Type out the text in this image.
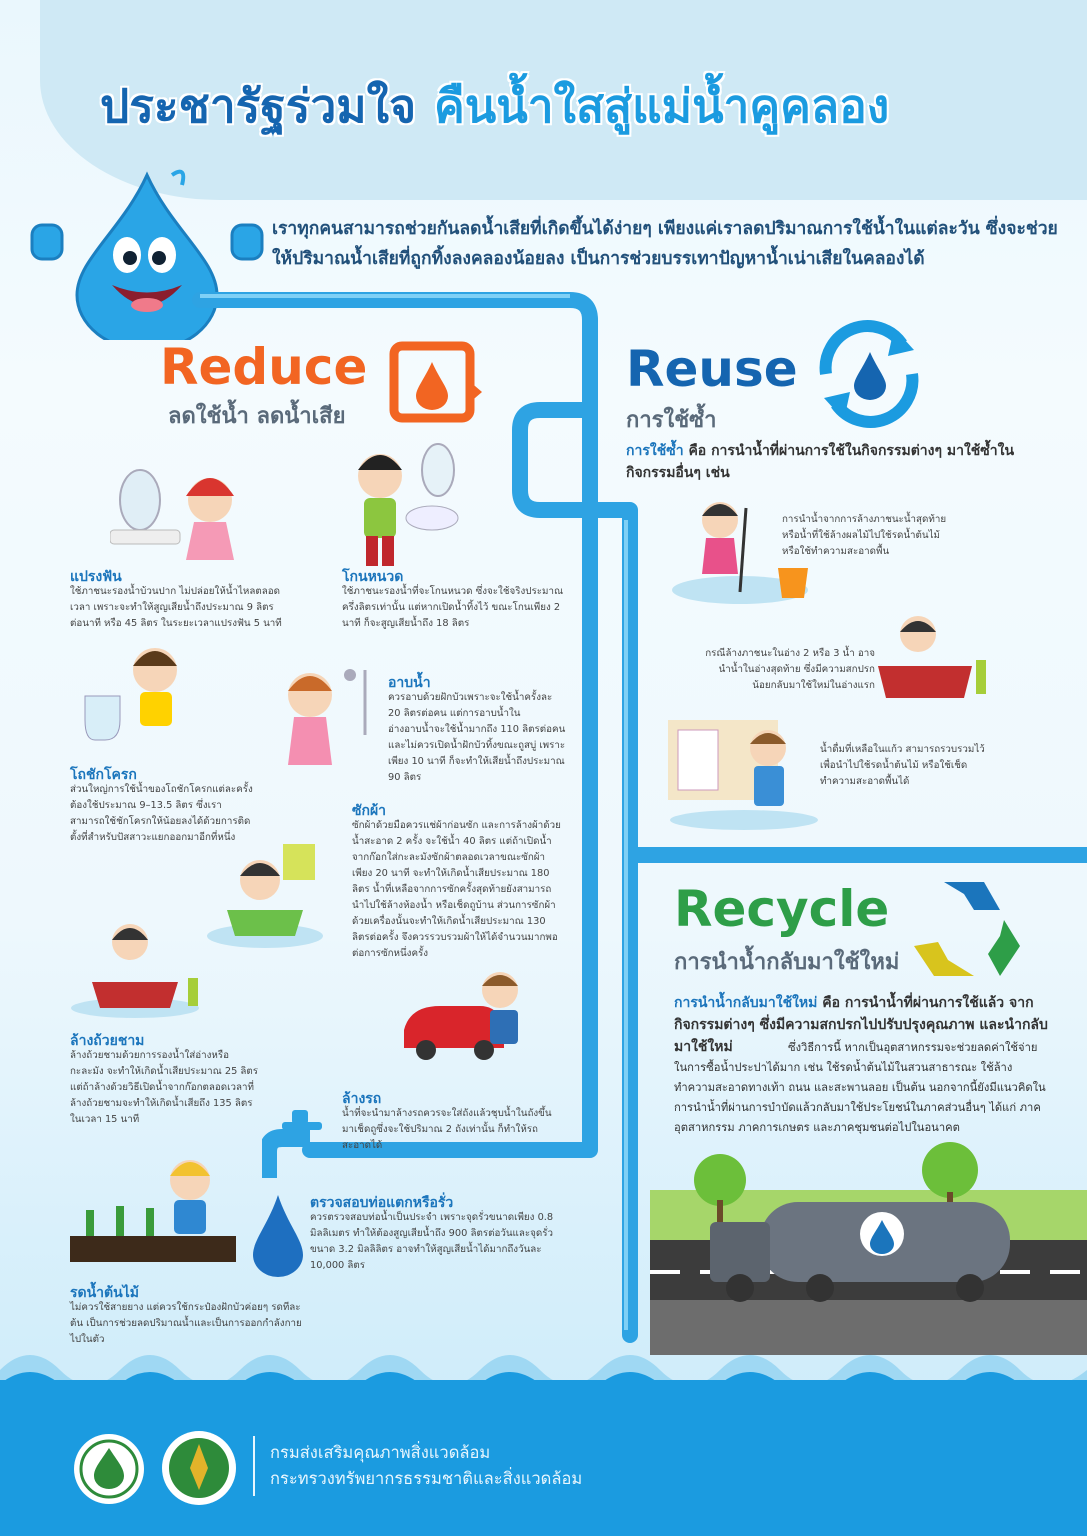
ประชารัฐร่วมใจ คืนน้ำใสสู่แม่น้ำคูคลอง
เราทุกคนสามารถช่วยกันลดน้ำเสียที่เกิดขึ้นได้ง่ายๆ เพียงแค่เราลดปริมาณการใช้น้ำในแต่ละวัน ซึ่งจะช่วยให้ปริมาณน้ำเสียที่ถูกทิ้งลงคลองน้อยลง เป็นการช่วยบรรเทาปัญหาน้ำเน่าเสียในคลองได้
Reduce
ลดใช้น้ำ ลดน้ำเสีย
แปรงฟัน
ใช้ภาชนะรองน้ำบ้วนปาก ไม่ปล่อยให้น้ำไหลตลอดเวลา เพราะจะทำให้สูญเสียน้ำถึงประมาณ 9 ลิตรต่อนาที หรือ 45 ลิตร ในระยะเวลาแปรงฟัน 5 นาที
โกนหนวด
ใช้ภาชนะรองน้ำที่จะโกนหนวด ซึ่งจะใช้จริงประมาณครึ่งลิตรเท่านั้น แต่หากเปิดน้ำทิ้งไว้ ขณะโกนเพียง 2 นาที ก็จะสูญเสียน้ำถึง 18 ลิตร
โถชักโครก
ส่วนใหญ่การใช้น้ำของโถชักโครกแต่ละครั้ง ต้องใช้ประมาณ 9–13.5 ลิตร ซึ่งเราสามารถใช้ชักโครกให้น้อยลงได้ด้วยการติดตั้งที่สำหรับปัสสาวะแยกออกมาอีกที่หนึ่ง
อาบน้ำ
ควรอาบด้วยฝักบัวเพราะจะใช้น้ำครั้งละ 20 ลิตรต่อคน แต่การอาบน้ำในอ่างอาบน้ำจะใช้น้ำมากถึง 110 ลิตรต่อคน และไม่ควรเปิดน้ำฝักบัวทิ้งขณะถูสบู่ เพราะเพียง 10 นาที ก็จะทำให้เสียน้ำถึงประมาณ 90 ลิตร
ซักผ้า
ซักผ้าด้วยมือควรแช่ผ้าก่อนซัก และการล้างผ้าด้วยน้ำสะอาด 2 ครั้ง จะใช้น้ำ 40 ลิตร แต่ถ้าเปิดน้ำจากก๊อกใส่กะละมังซักผ้าตลอดเวลาขณะซักผ้าเพียง 20 นาที จะทำให้เกิดน้ำเสียประมาณ 180 ลิตร น้ำที่เหลือจากการซักครั้งสุดท้ายยังสามารถนำไปใช้ล้างห้องน้ำ หรือเช็ดถูบ้าน ส่วนการซักผ้าด้วยเครื่องนั้นจะทำให้เกิดน้ำเสียประมาณ 130 ลิตรต่อครั้ง จึงควรรวบรวมผ้าให้ได้จำนวนมากพอต่อการซักหนึ่งครั้ง
ล้างถ้วยชาม
ล้างถ้วยชามด้วยการรองน้ำใส่อ่างหรือกะละมัง จะทำให้เกิดน้ำเสียประมาณ 25 ลิตร แต่ถ้าล้างด้วยวิธีเปิดน้ำจากก๊อกตลอดเวลาที่ล้างถ้วยชามจะทำให้เกิดน้ำเสียถึง 135 ลิตร ในเวลา 15 นาที
ล้างรถ
น้ำที่จะนำมาล้างรถควรจะใส่ถังแล้วชุบน้ำในถังขึ้นมาเช็ดถูซึ่งจะใช้ปริมาณ 2 ถังเท่านั้น ก็ทำให้รถสะอาดได้
ตรวจสอบท่อแตกหรือรั่ว
ควรตรวจสอบท่อน้ำเป็นประจำ เพราะจุดรั่วขนาดเพียง 0.8 มิลลิเมตร ทำให้ต้องสูญเสียน้ำถึง 900 ลิตรต่อวันและจุดรั่วขนาด 3.2 มิลลิลิตร อาจทำให้สูญเสียน้ำได้มากถึงวันละ 10,000 ลิตร
รดน้ำต้นไม้
ไม่ควรใช้สายยาง แต่ควรใช้กระป๋องฝักบัวค่อยๆ รดทีละต้น เป็นการช่วยลดปริมาณน้ำและเป็นการออกกำลังกายไปในตัว
Reuse
การใช้ซ้ำ
การใช้ซ้ำ คือ การนำน้ำที่ผ่านการใช้ในกิจกรรมต่างๆ มาใช้ซ้ำในกิจกรรมอื่นๆ เช่น
การนำน้ำจากการล้างภาชนะน้ำสุดท้าย หรือน้ำที่ใช้ล้างผลไม้ไปใช้รดน้ำต้นไม้ หรือใช้ทำความสะอาดพื้น
กรณีล้างภาชนะในอ่าง 2 หรือ 3 น้ำ อาจนำน้ำในอ่างสุดท้าย ซึ่งมีความสกปรกน้อยกลับมาใช้ใหม่ในอ่างแรก
น้ำดื่มที่เหลือในแก้ว สามารถรวบรวมไว้ เพื่อนำไปใช้รดน้ำต้นไม้ หรือใช้เช็ดทำความสะอาดพื้นได้
Recycle
การนำน้ำกลับมาใช้ใหม่
การนำน้ำกลับมาใช้ใหม่ คือ การนำน้ำที่ผ่านการใช้แล้ว จากกิจกรรมต่างๆ ซึ่งมีความสกปรกไปปรับปรุงคุณภาพ และนำกลับมาใช้ใหม่	ซึ่งวิธีการนี้ หากเป็นอุตสาหกรรมจะช่วยลดค่าใช้จ่ายในการซื้อน้ำประปาได้มาก เช่น ใช้รดน้ำต้นไม้ในสวนสาธารณะ ใช้ล้างทำความสะอาดทางเท้า ถนน และสะพานลอย เป็นต้น นอกจากนี้ยังมีแนวคิดในการนำน้ำที่ผ่านการบำบัดแล้วกลับมาใช้ประโยชน์ในภาคส่วนอื่นๆ ได้แก่ ภาคอุตสาหกรรม ภาคการเกษตร และภาคชุมชนต่อไปในอนาคต
กรมส่งเสริมคุณภาพสิ่งแวดล้อม
กระทรวงทรัพยากรธรรมชาติและสิ่งแวดล้อม
